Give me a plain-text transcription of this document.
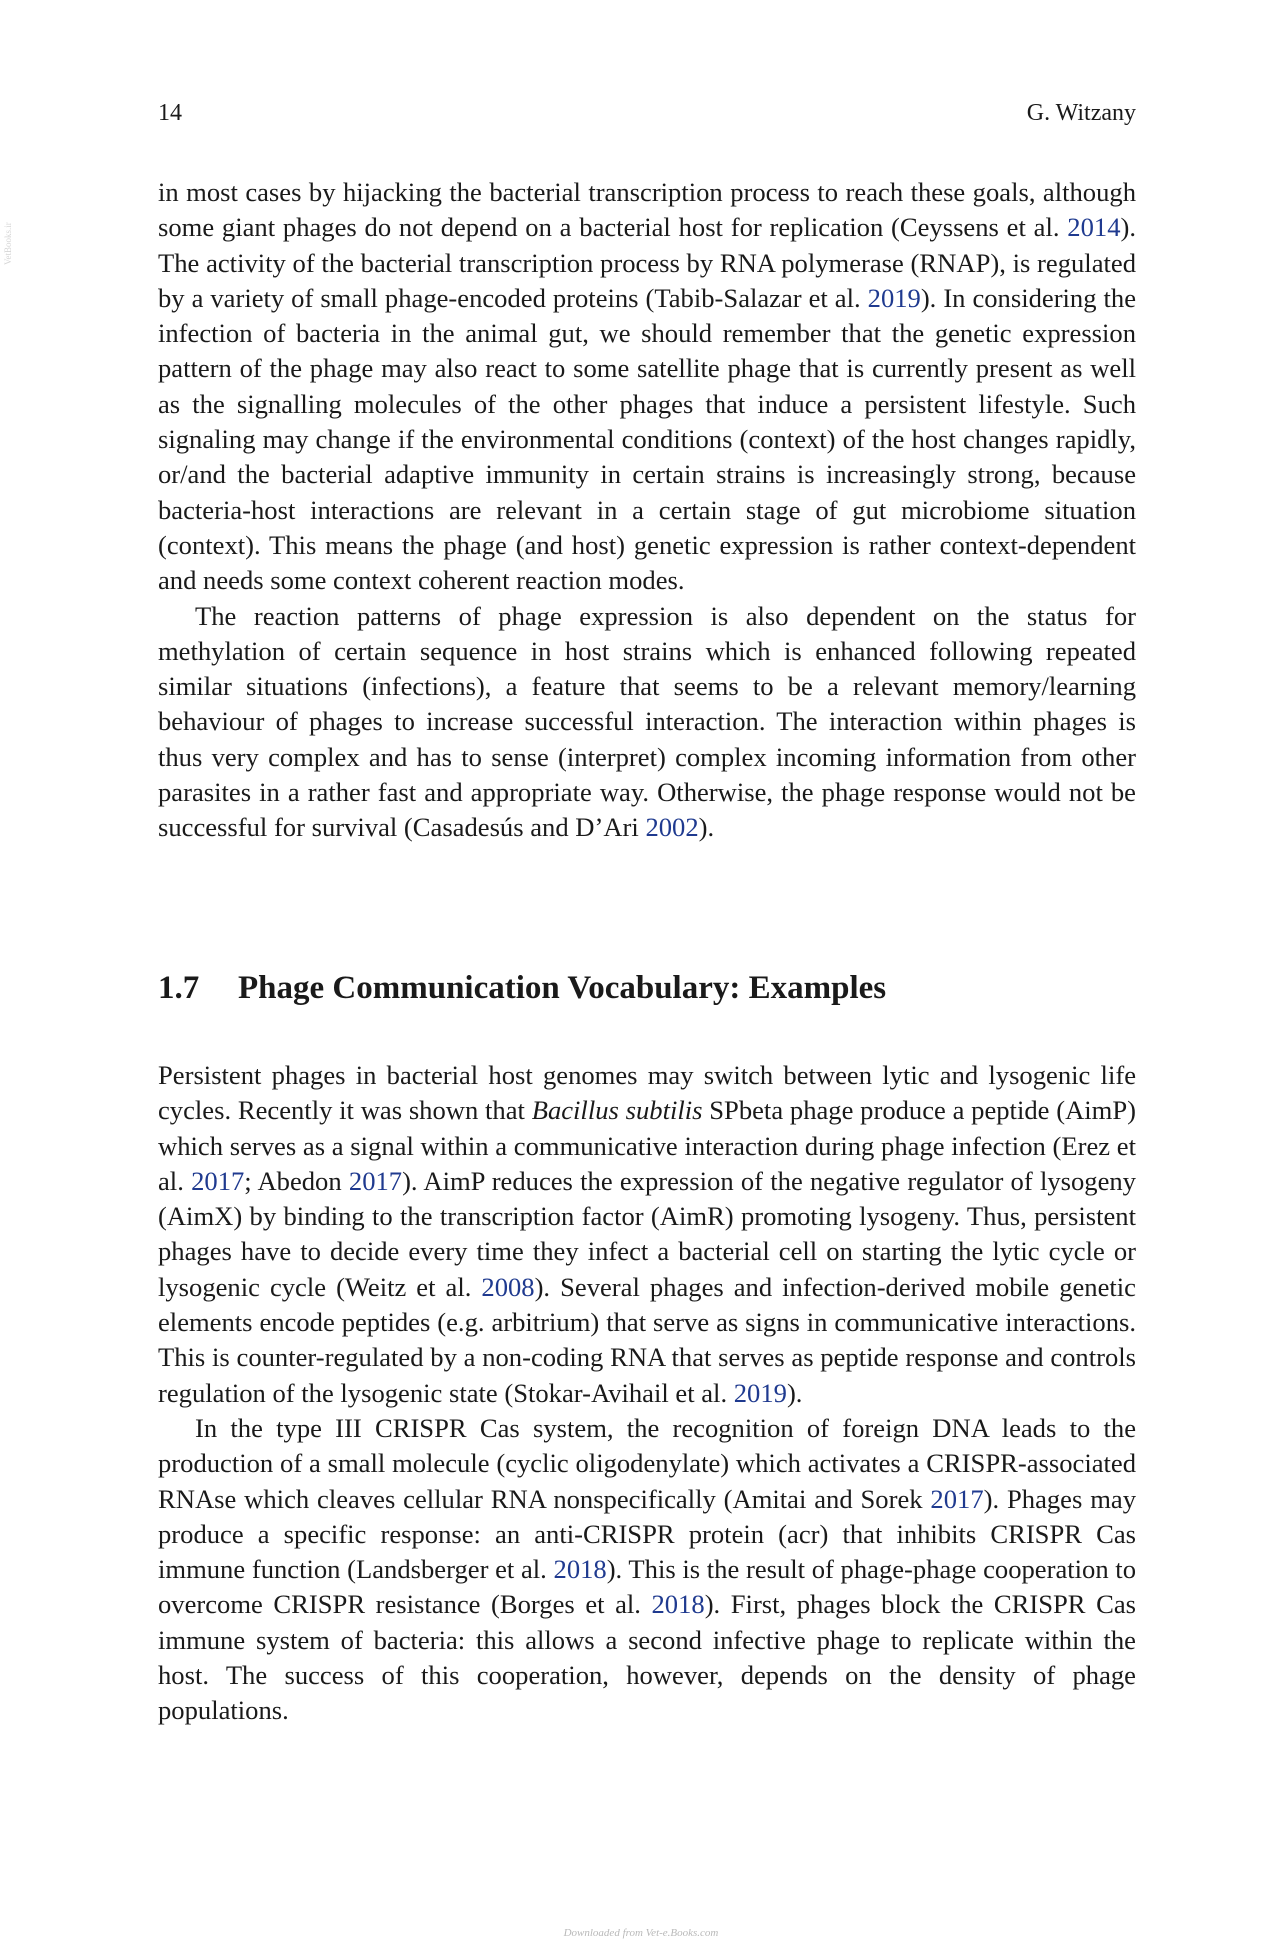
14	G. Witzany
VetBooks.ir

in most cases by hijacking the bacterial transcription process to reach these goals, although some giant phages do not depend on a bacterial host for replication (Ceyssens et al. 2014). The activity of the bacterial transcription process by RNA polymerase (RNAP), is regulated by a variety of small phage-encoded proteins (Tabib-Salazar et al. 2019). In considering the infection of bacteria in the animal gut, we should remember that the genetic expression pattern of the phage may also react to some satellite phage that is currently present as well as the signalling molecules of the other phages that induce a persistent lifestyle. Such signaling may change if the environmental conditions (context) of the host changes rapidly, or/and the bacterial adaptive immunity in certain strains is increasingly strong, because bacteria-host interactions are relevant in a certain stage of gut microbiome situation (context). This means the phage (and host) genetic expression is rather context-dependent and needs some context coherent reaction modes.

The reaction patterns of phage expression is also dependent on the status for methylation of certain sequence in host strains which is enhanced following repeated similar situations (infections), a feature that seems to be a relevant memory/learning behaviour of phages to increase successful interaction. The interaction within phages is thus very complex and has to sense (interpret) complex incoming information from other parasites in a rather fast and appropriate way. Otherwise, the phage response would not be successful for survival (Casadesús and D’Ari 2002).

1.7 Phage Communication Vocabulary: Examples

Persistent phages in bacterial host genomes may switch between lytic and lysogenic life cycles. Recently it was shown that Bacillus subtilis SPbeta phage produce a peptide (AimP) which serves as a signal within a communicative interaction during phage infection (Erez et al. 2017; Abedon 2017). AimP reduces the expression of the negative regulator of lysogeny (AimX) by binding to the transcription factor (AimR) promoting lysogeny. Thus, persistent phages have to decide every time they infect a bacterial cell on starting the lytic cycle or lysogenic cycle (Weitz et al. 2008). Several phages and infection-derived mobile genetic elements encode peptides (e.g. arbitrium) that serve as signs in communicative interactions. This is counter-regulated by a non-coding RNA that serves as peptide response and controls regulation of the lysogenic state (Stokar-Avihail et al. 2019).

In the type III CRISPR Cas system, the recognition of foreign DNA leads to the production of a small molecule (cyclic oligodenylate) which activates a CRISPR-associated RNAse which cleaves cellular RNA nonspecifically (Amitai and Sorek 2017). Phages may produce a specific response: an anti-CRISPR protein (acr) that inhibits CRISPR Cas immune function (Landsberger et al. 2018). This is the result of phage-phage cooperation to overcome CRISPR resistance (Borges et al. 2018). First, phages block the CRISPR Cas immune system of bacteria: this allows a second infective phage to replicate within the host. The success of this cooperation, however, depends on the density of phage populations.

Downloaded from Vet-e.Books.com
